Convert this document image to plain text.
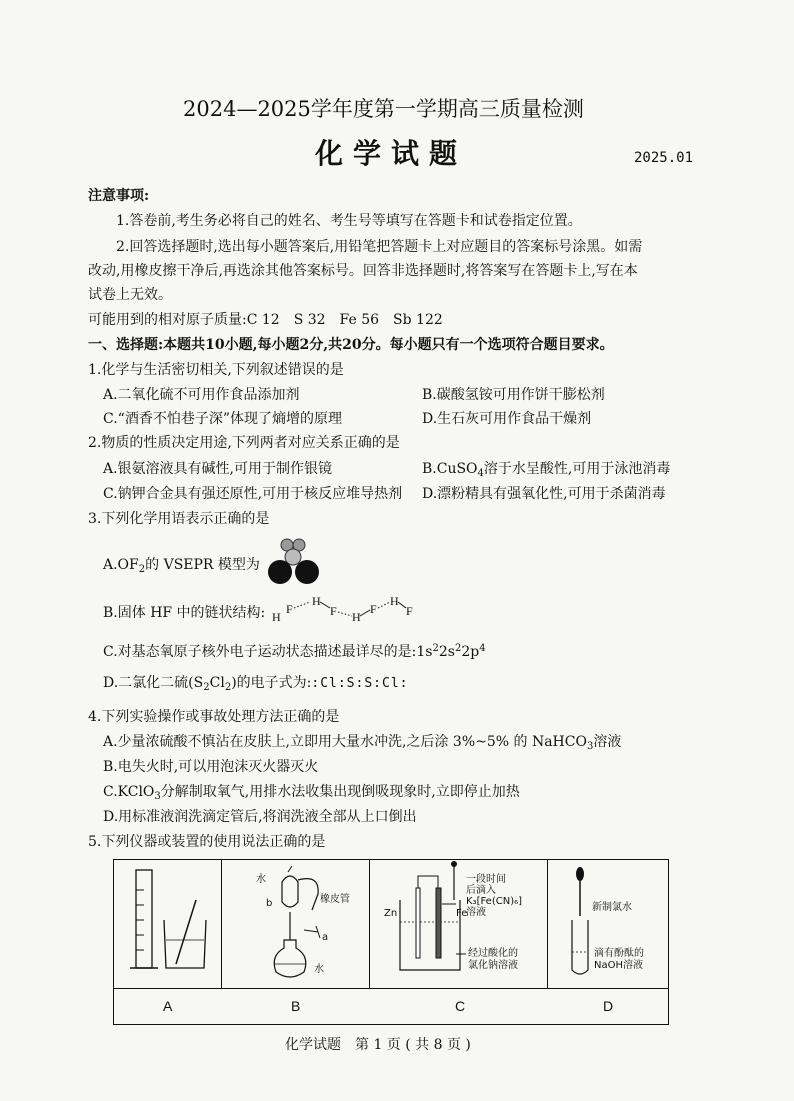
2024—2025学年度第一学期高三质量检测
化学试题	2025.01
注意事项:
1.答卷前,考生务必将自己的姓名、考生号等填写在答题卡和试卷指定位置。
2.回答选择题时,选出每小题答案后,用铅笔把答题卡上对应题目的答案标号涂黑。如需
改动,用橡皮擦干净后,再选涂其他答案标号。回答非选择题时,将答案写在答题卡上,写在本
试卷上无效。
可能用到的相对原子质量:C 12　S 32　Fe 56　Sb 122
一、选择题:本题共10小题,每小题2分,共20分。每小题只有一个选项符合题目要求。
1.化学与生活密切相关,下列叙述错误的是
A.二氧化硫不可用作食品添加剂	B.碳酸氢铵可用作饼干膨松剂
C.“酒香不怕巷子深”体现了熵增的原理	D.生石灰可用作食品干燥剂
2.物质的性质决定用途,下列两者对应关系正确的是
A.银氨溶液具有碱性,可用于制作银镜	B.CuSO$_4$溶于水呈酸性,可用于泳池消毒
C.钠钾合金具有强还原性,可用于核反应堆导热剂 D.漂粉精具有强氧化性,可用于杀菌消毒
3.下列化学用语表示正确的是
$A.OF_2$的 VSEPR 模型为
B.固体 HF 中的链状结构: H
F
H
F H
F
H
F
C.对基态氧原子核外电子运动状态描述最详尽的是$:1s^22s^22p^4$
D.二氯化二硫$(S_2Cl_2)$的电子式为::Cl:S:S:Cl:
4.下列实验操作或事故处理方法正确的是
A.少量浓硫酸不慎沾在皮肤上,立即用大量水冲洗,之后涂 3%~5% 的 NaHCO$_3$溶液
B.电失火时,可以用泡沫灭火器灭火
C.KClO$_3$分解制取氧气,用排水法收集出现倒吸现象时,立即停止加热
D.用标准液润洗滴定管后,将润洗液全部从上口倒出
5.下列仪器或装置的使用说法正确的是
水
橡皮管
b
a
水
Zn	Fe
一段时间
后滴入
K₃[Fe(CN)₆]
溶液
经过酸化的
氯化钠溶液
新制氯水
滴有酚酞的
NaOH溶液
A	B	C	D
化学试题　第 1 页 ( 共 8 页 )
